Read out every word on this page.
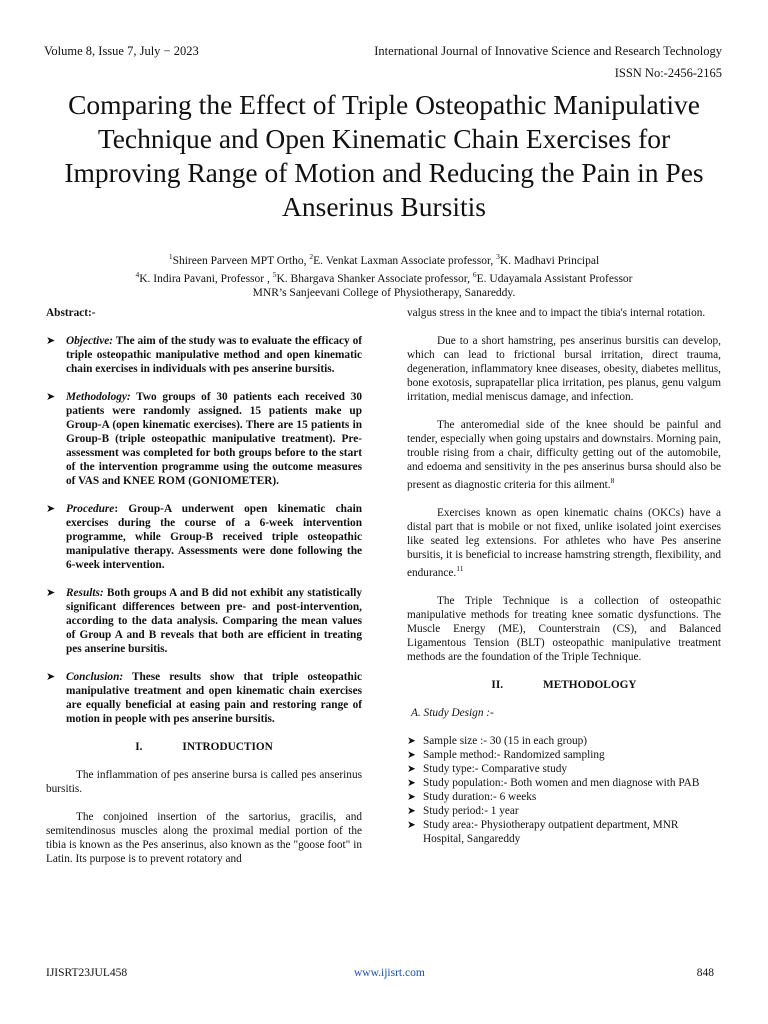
Volume 8, Issue 7, July − 2023	International Journal of Innovative Science and Research Technology
ISSN No:-2456-2165
Comparing the Effect of Triple Osteopathic Manipulative Technique and Open Kinematic Chain Exercises for Improving Range of Motion and Reducing the Pain in Pes Anserinus Bursitis
$^1$Shireen Parveen MPT Ortho, $^2$E. Venkat Laxman Associate professor, $^3$K. Madhavi Principal
$^4$K. Indira Pavani, Professor , $^5$K. Bhargava Shanker Associate professor, $^6$E. Udayamala Assistant Professor
MNR’s Sanjeevani College of Physiotherapy, Sanareddy.

Abstract:-

➤ Objective: The aim of the study was to evaluate the efficacy of triple osteopathic manipulative method and open kinematic chain exercises in individuals with pes anserine bursitis.
➤ Methodology: Two groups of 30 patients each received 30 patients were randomly assigned. 15 patients make up Group-A (open kinematic exercises). There are 15 patients in Group-B (triple osteopathic manipulative treatment). Pre-assessment was completed for both groups before to the start of the intervention programme using the outcome measures of VAS and KNEE ROM (GONIOMETER).
➤ Procedure: Group-A underwent open kinematic chain exercises during the course of a 6-week intervention programme, while Group-B received triple osteopathic manipulative therapy. Assessments were done following the 6-week intervention.
➤ Results: Both groups A and B did not exhibit any statistically significant differences between pre- and post-intervention, according to the data analysis. Comparing the mean values of Group A and B reveals that both are efficient in treating pes anserine bursitis.
➤ Conclusion: These results show that triple osteopathic manipulative treatment and open kinematic chain exercises are equally beneficial at easing pain and restoring range of motion in people with pes anserine bursitis.
I.	INTRODUCTION

The inflammation of pes anserine bursa is called pes anserinus bursitis.

The conjoined insertion of the sartorius, gracilis, and semitendinosus muscles along the proximal medial portion of the tibia is known as the Pes anserinus, also known as the "goose foot" in Latin. Its purpose is to prevent rotatory and

valgus stress in the knee and to impact the tibia's internal rotation.

Due to a short hamstring, pes anserinus bursitis can develop, which can lead to frictional bursal irritation, direct trauma, degeneration, inflammatory knee diseases, obesity, diabetes mellitus, bone exotosis, suprapatellar plica irritation, pes planus, genu valgum irritation, medial meniscus damage, and infection.

The anteromedial side of the knee should be painful and tender, especially when going upstairs and downstairs. Morning pain, trouble rising from a chair, difficulty getting out of the automobile, and edoema and sensitivity in the pes anserinus bursa should also be present as diagnostic criteria for this ailment.$^8$

Exercises known as open kinematic chains (OKCs) have a distal part that is mobile or not fixed, unlike isolated joint exercises like seated leg extensions. For athletes who have Pes anserine bursitis, it is beneficial to increase hamstring strength, flexibility, and endurance.$^{11}$

The Triple Technique is a collection of osteopathic manipulative methods for treating knee somatic dysfunctions. The Muscle Energy (ME), Counterstrain (CS), and Balanced Ligamentous Tension (BLT) osteopathic manipulative treatment methods are the foundation of the Triple Technique.

II.	METHODOLOGY

A. Study Design :-

➤ Sample size :- 30 (15 in each group)
➤ Sample method:- Randomized sampling
➤ Study type:- Comparative study
➤ Study population:- Both women and men diagnose with PAB
➤ Study duration:- 6 weeks
➤ Study period:- 1 year
➤ Study area:- Physiotherapy outpatient department, MNR Hospital, Sangareddy
IJISRT23JUL458	www.ijisrt.com	848
